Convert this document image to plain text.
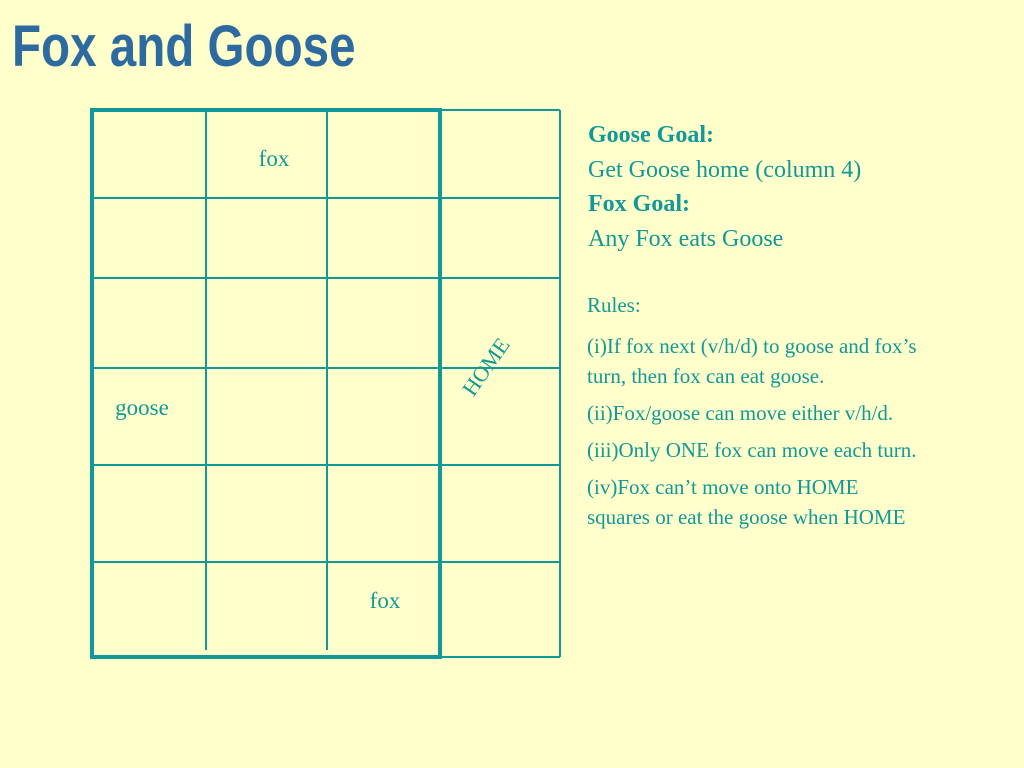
Fox and Goose
fox
goose
fox
HOME
Goose Goal:
Get Goose home (column 4)
Fox Goal:
Any Fox eats Goose

Rules:

(i)If fox next (v/h/d) to goose and fox’s turn, then fox can eat goose.

(ii)Fox/goose can move either v/h/d.

(iii)Only ONE fox can move each turn.

(iv)Fox can’t move onto HOME squares or eat the goose when HOME
